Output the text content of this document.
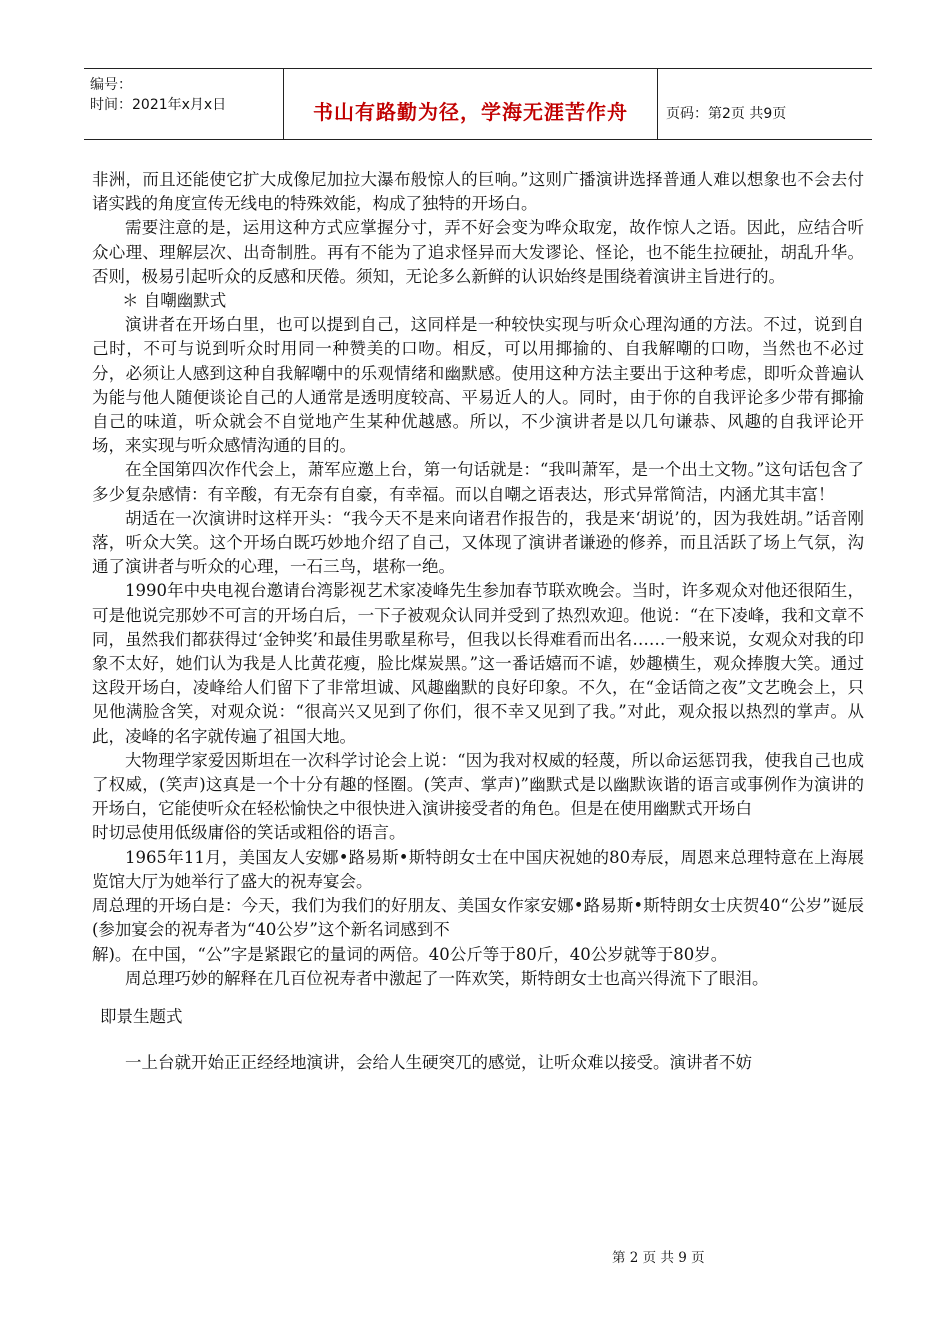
编号：
时间：2021年x月x日	书山有路勤为径，学海无涯苦作舟	页码：第2页 共9页

非洲，而且还能使它扩大成像尼加拉大瀑布般惊人的巨响。”这则广播演讲选择普通人难以想象也不会去付诸实践的角度宣传无线电的特殊效能，构成了独特的开场白。

需要注意的是，运用这种方式应掌握分寸，弄不好会变为哗众取宠，故作惊人之语。因此，应结合听众心理、理解层次、出奇制胜。再有不能为了追求怪异而大发谬论、怪论，也不能生拉硬扯，胡乱升华。否则，极易引起听众的反感和厌倦。须知，无论多么新鲜的认识始终是围绕着演讲主旨进行的。

＊ 自嘲幽默式

演讲者在开场白里，也可以提到自己，这同样是一种较快实现与听众心理沟通的方法。不过，说到自己时，不可与说到听众时用同一种赞美的口吻。相反，可以用揶揄的、自我解嘲的口吻，当然也不必过分，必须让人感到这种自我解嘲中的乐观情绪和幽默感。使用这种方法主要出于这种考虑，即听众普遍认为能与他人随便谈论自己的人通常是透明度较高、平易近人的人。同时，由于你的自我评论多少带有揶揄自己的味道，听众就会不自觉地产生某种优越感。所以，不少演讲者是以几句谦恭、风趣的自我评论开场，来实现与听众感情沟通的目的。

在全国第四次作代会上，萧军应邀上台，第一句话就是：“我叫萧军，是一个出土文物。”这句话包含了多少复杂感情：有辛酸，有无奈有自豪，有幸福。而以自嘲之语表达，形式异常简洁，内涵尤其丰富！

胡适在一次演讲时这样开头：“我今天不是来向诸君作报告的，我是来‘胡说’的，因为我姓胡。”话音刚落，听众大笑。这个开场白既巧妙地介绍了自己，又体现了演讲者谦逊的修养，而且活跃了场上气氛，沟通了演讲者与听众的心理，一石三鸟，堪称一绝。

1990年中央电视台邀请台湾影视艺术家凌峰先生参加春节联欢晚会。当时，许多观众对他还很陌生，可是他说完那妙不可言的开场白后，一下子被观众认同并受到了热烈欢迎。他说：“在下凌峰，我和文章不同，虽然我们都获得过‘金钟奖’和最佳男歌星称号，但我以长得难看而出名……一般来说，女观众对我的印象不太好，她们认为我是人比黄花瘦，脸比煤炭黑。”这一番话嬉而不谑，妙趣横生，观众捧腹大笑。通过这段开场白，凌峰给人们留下了非常坦诚、风趣幽默的良好印象。不久，在“金话筒之夜”文艺晚会上，只见他满脸含笑，对观众说：“很高兴又见到了你们，很不幸又见到了我。”对此，观众报以热烈的掌声。从此，凌峰的名字就传遍了祖国大地。

大物理学家爱因斯坦在一次科学讨论会上说：“因为我对权威的轻蔑，所以命运惩罚我，使我自己也成了权威，(笑声)这真是一个十分有趣的怪圈。(笑声、掌声)”幽默式是以幽默诙谐的语言或事例作为演讲的开场白，它能使听众在轻松愉快之中很快进入演讲接受者的角色。但是在使用幽默式开场白

时切忌使用低级庸俗的笑话或粗俗的语言。

1965年11月，美国友人安娜•路易斯•斯特朗女士在中国庆祝她的80寿辰，周恩来总理特意在上海展览馆大厅为她举行了盛大的祝寿宴会。

周总理的开场白是：今天，我们为我们的好朋友、美国女作家安娜•路易斯•斯特朗女士庆贺40“公岁”诞辰(参加宴会的祝寿者为“40公岁”这个新名词感到不

解)。在中国，“公”字是紧跟它的量词的两倍。40公斤等于80斤，40公岁就等于80岁。

周总理巧妙的解释在几百位祝寿者中激起了一阵欢笑，斯特朗女士也高兴得流下了眼泪。

即景生题式

一上台就开始正正经经地演讲，会给人生硬突兀的感觉，让听众难以接受。演讲者不妨

第 2 页 共 9 页
